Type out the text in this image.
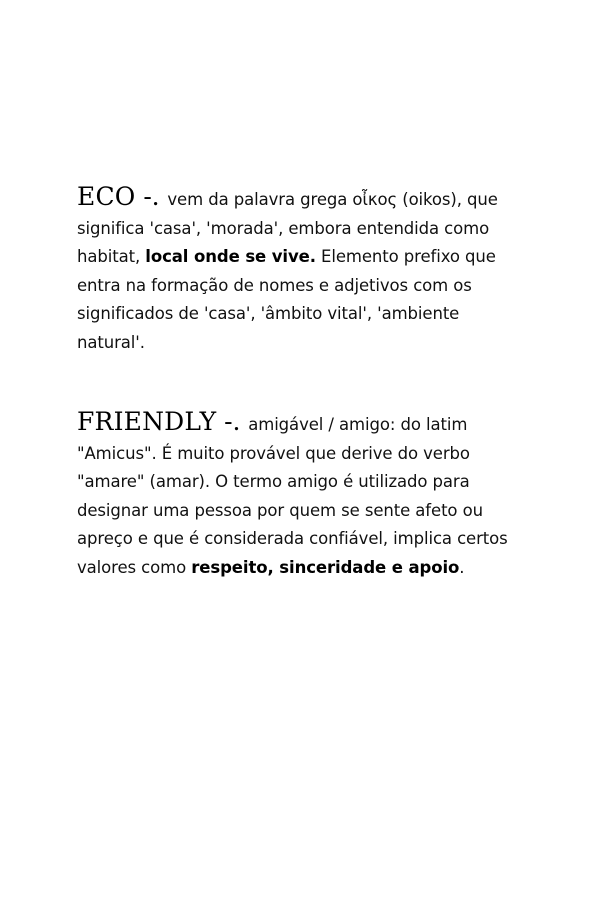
ECO -. vem da palavra grega οἶκος (oikos), que significa 'casa', 'morada', embora entendida como habitat, local onde se vive. Elemento prefixo que entra na formação de nomes e adjetivos com os significados de 'casa', 'âmbito vital', 'ambiente natural'.

FRIENDLY -. amigável / amigo: do latim "Amicus". É muito provável que derive do verbo "amare" (amar). O termo amigo é utilizado para designar uma pessoa por quem se sente afeto ou apreço e que é considerada confiável, implica certos valores como respeito, sinceridade e apoio.
